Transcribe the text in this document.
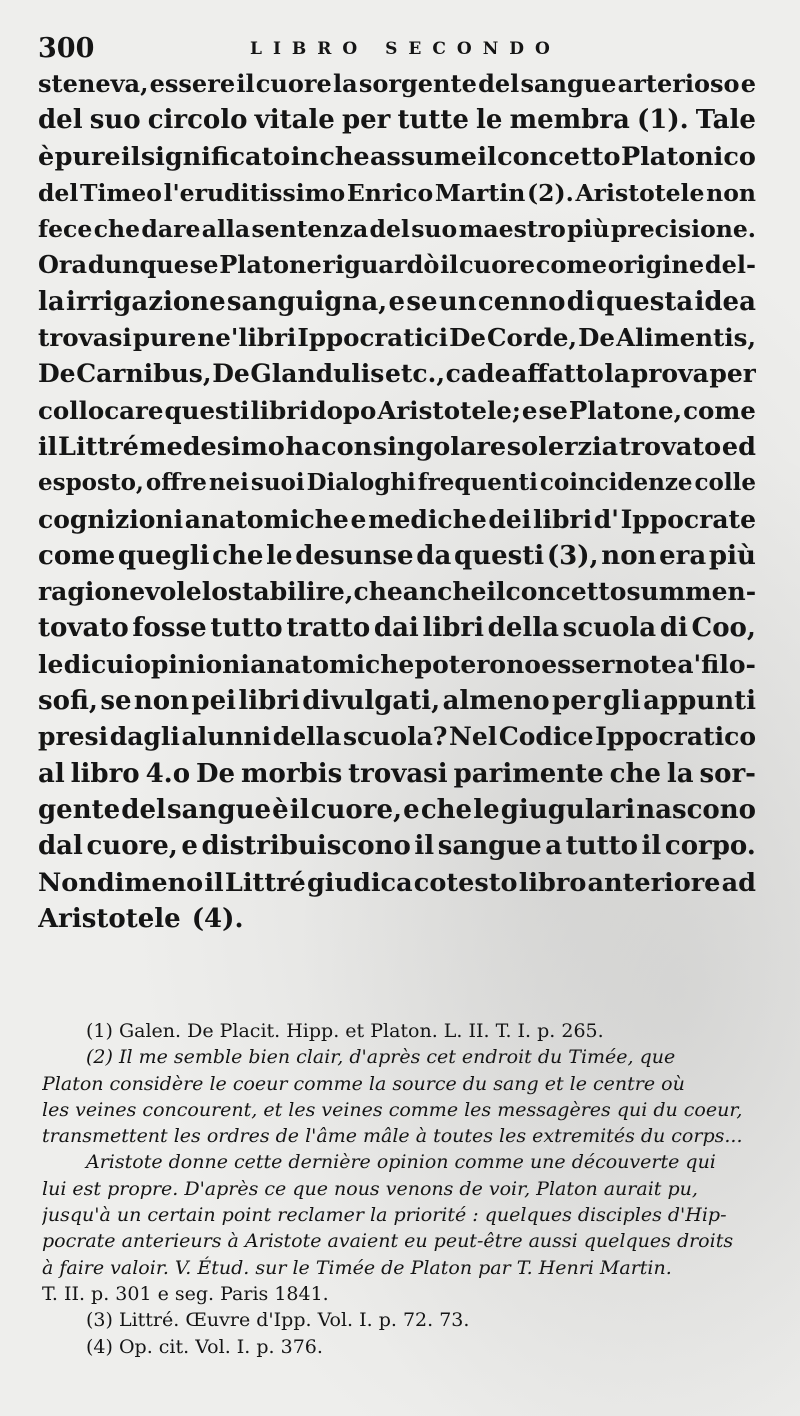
300	LIBRO SECONDO
steneva, essere il cuore la sorgente del sangue arterioso e
del suo circolo vitale per tutte le membra (1). Tale
è pure il significato in che assume il concetto Platonico
del Timeo l'eruditissimo Enrico Martin (2). Aristotele non
fece che dare alla sentenza del suo maestro più precisione.
Ora dunque se Platone riguardò il cuore come origine del-
la irrigazione sanguigna, e se un cenno di questa idea
trovasi pure ne'libri Ippocratici De Corde, De Alimentis,
De Carnibus, De Glandulis etc., cade affatto la prova per
collocare questi libri dopo Aristotele; e se Platone, come
il Littré medesimo ha con singolare solerzia trovato ed
esposto, offre nei suoi Dialoghi frequenti coincidenze colle
cognizioni anatomiche e mediche dei libri d' Ippocrate
come quegli che le desunse da questi (3), non era più
ragionevole lo stabilire, che anche il concetto summen-
tovato fosse tutto tratto dai libri della scuola di Coo,
le di cui opinioni anatomiche poterono esser note a'filo-
sofi, se non pei libri divulgati, almeno per gli appunti
presi dagli alunni della scuola? Nel Codice Ippocratico
al libro 4.o De morbis trovasi parimente che la sor-
gente del sangue è il cuore, e che le giugulari nascono
dal cuore, e distribuiscono il sangue a tutto il corpo.
Nondimeno il Littré giudica cotesto libro anteriore ad
Aristotele (4).
(1) Galen. De Placit. Hipp. et Platon. L. II. T. I. p. 265.
(2) Il me semble bien clair, d'après cet endroit du Timée, que
Platon considère le coeur comme la source du sang et le centre où
les veines concourent, et les veines comme les messagères qui du coeur,
transmettent les ordres de l'âme mâle à toutes les extremités du corps...
Aristote donne cette dernière opinion comme une découverte qui
lui est propre. D'après ce que nous venons de voir, Platon aurait pu,
jusqu'à un certain point reclamer la priorité : quelques disciples d'Hip-
pocrate anterieurs à Aristote avaient eu peut-être aussi quelques droits
à faire valoir. V. Étud. sur le Timée de Platon par T. Henri Martin.
T. II. p. 301 e seg. Paris 1841.
(3) Littré. Œuvre d'Ipp. Vol. I. p. 72. 73.
(4) Op. cit. Vol. I. p. 376.
